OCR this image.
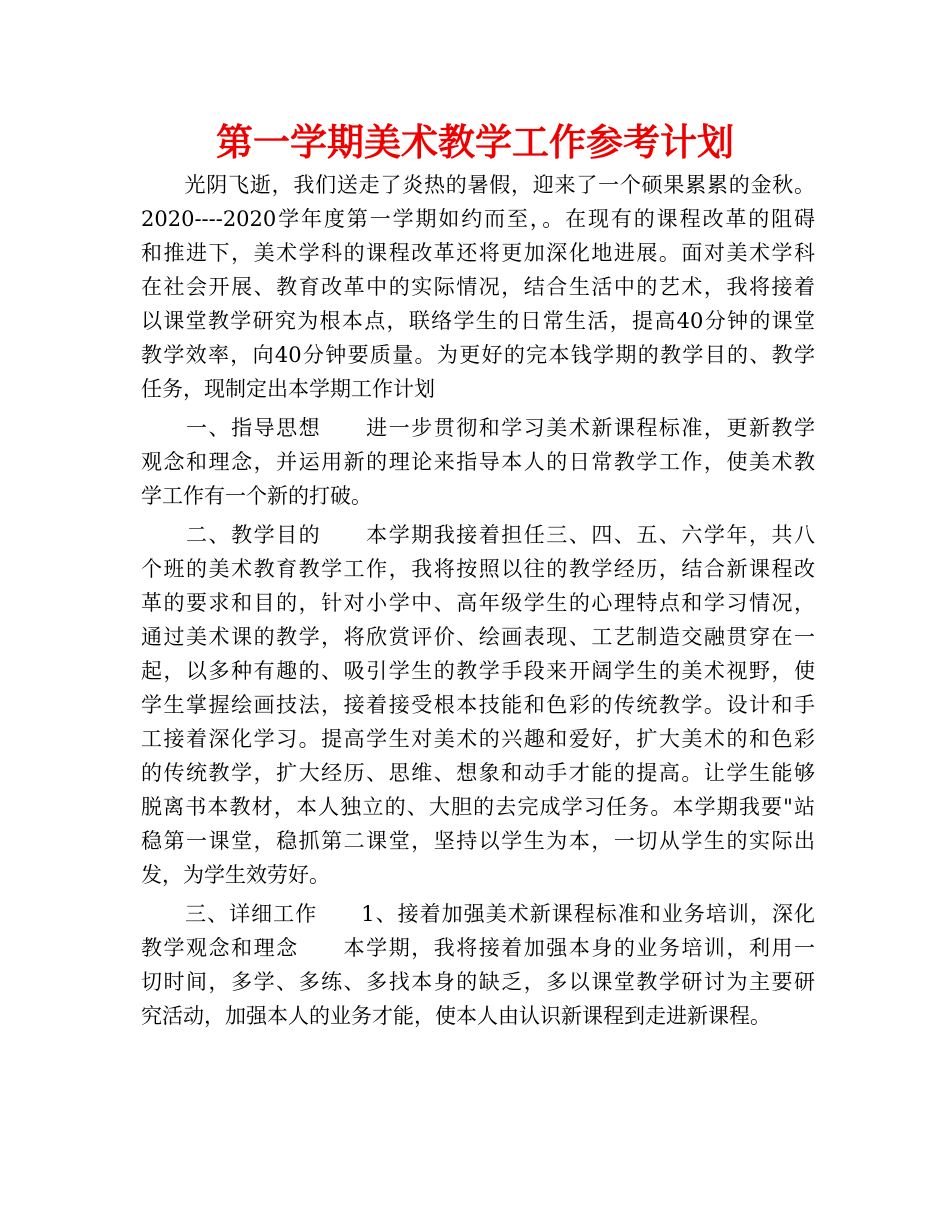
第一学期美术教学工作参考计划
　　光阴飞逝，我们送走了炎热的暑假，迎来了一个硕果累累的金秋。
2020----2020学年度第一学期如约而至，。在现有的课程改革的阻碍
和推进下，美术学科的课程改革还将更加深化地进展。面对美术学科
在社会开展、教育改革中的实际情况，结合生活中的艺术，我将接着
以课堂教学研究为根本点，联络学生的日常生活，提高40分钟的课堂
教学效率，向40分钟要质量。为更好的完本钱学期的教学目的、教学
任务，现制定出本学期工作计划
　　一、指导思想　　进一步贯彻和学习美术新课程标准，更新教学
观念和理念，并运用新的理论来指导本人的日常教学工作，使美术教
学工作有一个新的打破。
　　二、教学目的　　本学期我接着担任三、四、五、六学年，共八
个班的美术教育教学工作，我将按照以往的教学经历，结合新课程改
革的要求和目的，针对小学中、高年级学生的心理特点和学习情况，
通过美术课的教学，将欣赏评价、绘画表现、工艺制造交融贯穿在一
起，以多种有趣的、吸引学生的教学手段来开阔学生的美术视野，使
学生掌握绘画技法，接着接受根本技能和色彩的传统教学。设计和手
工接着深化学习。提高学生对美术的兴趣和爱好，扩大美术的和色彩
的传统教学，扩大经历、思维、想象和动手才能的提高。让学生能够
脱离书本教材，本人独立的、大胆的去完成学习任务。本学期我要"站
稳第一课堂，稳抓第二课堂，坚持以学生为本，一切从学生的实际出
发，为学生效劳好。
　　三、详细工作　　1、接着加强美术新课程标准和业务培训，深化
教学观念和理念　　本学期，我将接着加强本身的业务培训，利用一
切时间，多学、多练、多找本身的缺乏，多以课堂教学研讨为主要研
究活动，加强本人的业务才能，使本人由认识新课程到走进新课程。
